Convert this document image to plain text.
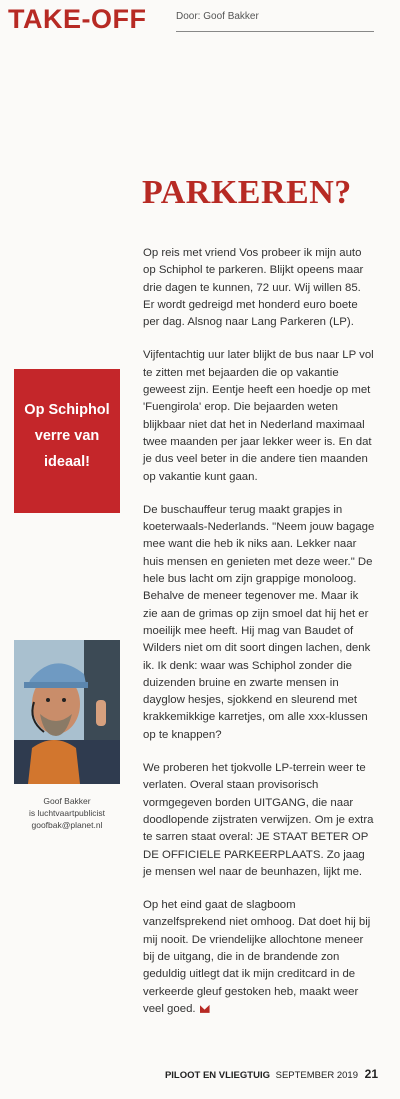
TAKE-OFF	Door: Goof Bakker
PARKEREN?

Op reis met vriend Vos probeer ik mijn auto op Schiphol te parkeren. Blijkt opeens maar drie dagen te kunnen, 72 uur. Wij willen 85. Er wordt gedreigd met honderd euro boete per dag. Alsnog naar Lang Parkeren (LP).

Vijfentachtig uur later blijkt de bus naar LP vol te zitten met bejaarden die op vakantie geweest zijn. Eentje heeft een hoedje op met 'Fuengirola' erop. Die bejaarden weten blijkbaar niet dat het in Nederland maximaal twee maanden per jaar lekker weer is. En dat je dus veel beter in die andere tien maanden op vakantie kunt gaan.

De buschauffeur terug maakt grapjes in koeterwaals-Nederlands. "Neem jouw bagage mee want die heb ik niks aan. Lekker naar huis mensen en genieten met deze weer." De hele bus lacht om zijn grappige monoloog. Behalve de meneer tegenover me. Maar ik zie aan de grimas op zijn smoel dat hij het er moeilijk mee heeft. Hij mag van Baudet of Wilders niet om dit soort dingen lachen, denk ik. Ik denk: waar was Schiphol zonder die duizenden bruine en zwarte mensen in dayglow hesjes, sjokkend en sleurend met krakkemikkige karretjes, om alle xxx-klussen op te knappen?

We proberen het tjokvolle LP-terrein weer te verlaten. Overal staan provisorisch vormgegeven borden UITGANG, die naar doodlopende zijstraten verwijzen. Om je extra te sarren staat overal: JE STAAT BETER OP DE OFFICIELE PARKEERPLAATS. Zo jaag je mensen wel naar de beunhazen, lijkt me.

Op het eind gaat de slagboom vanzelfsprekend niet omhoog. Dat doet hij bij mij nooit. De vriendelijke allochtone meneer bij de uitgang, die in de brandende zon geduldig uitlegt dat ik mijn creditcard in de verkeerde gleuf gestoken heb, maakt weer veel goed.

Op Schiphol
verre van
ideaal!
Goof Bakker
is luchtvaartpublicist
goofbak@planet.nl
PILOOT EN VLIEGTUIG SEPTEMBER 2019 21
